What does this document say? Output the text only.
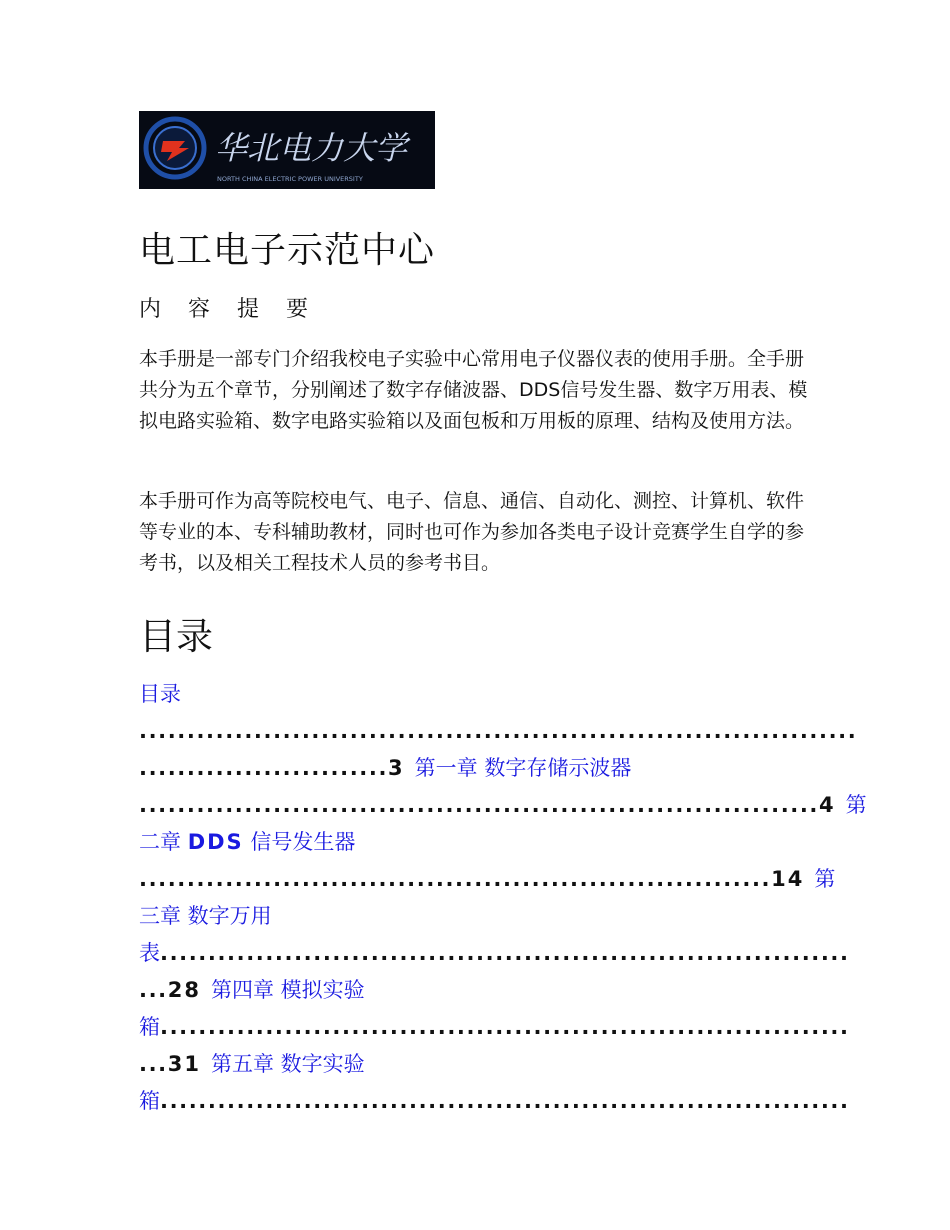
华北电力大学
NORTH CHINA ELECTRIC POWER UNIVERSITY
电工电子示范中心
内 容 提 要

本手册是一部专门介绍我校电子实验中心常用电子仪器仪表的使用手册。全手册共分为五个章节，分别阐述了数字存储波器、DDS信号发生器、数字万用表、模拟电路实验箱、数字电路实验箱以及面包板和万用板的原理、结构及使用方法。

本手册可作为高等院校电气、电子、信息、通信、自动化、测控、计算机、软件等专业的本、专科辅助教材，同时也可作为参加各类电子设计竞赛学生自学的参考书，以及相关工程技术人员的参考书目。

目录
目录
...........................................................................
..........................3 第一章 数字存储示波器
.......................................................................4 第
二章 DDS 信号发生器
..................................................................14 第
三章 数字万用
表........................................................................
...28 第四章 模拟实验
箱........................................................................
...31 第五章 数字实验
箱........................................................................
